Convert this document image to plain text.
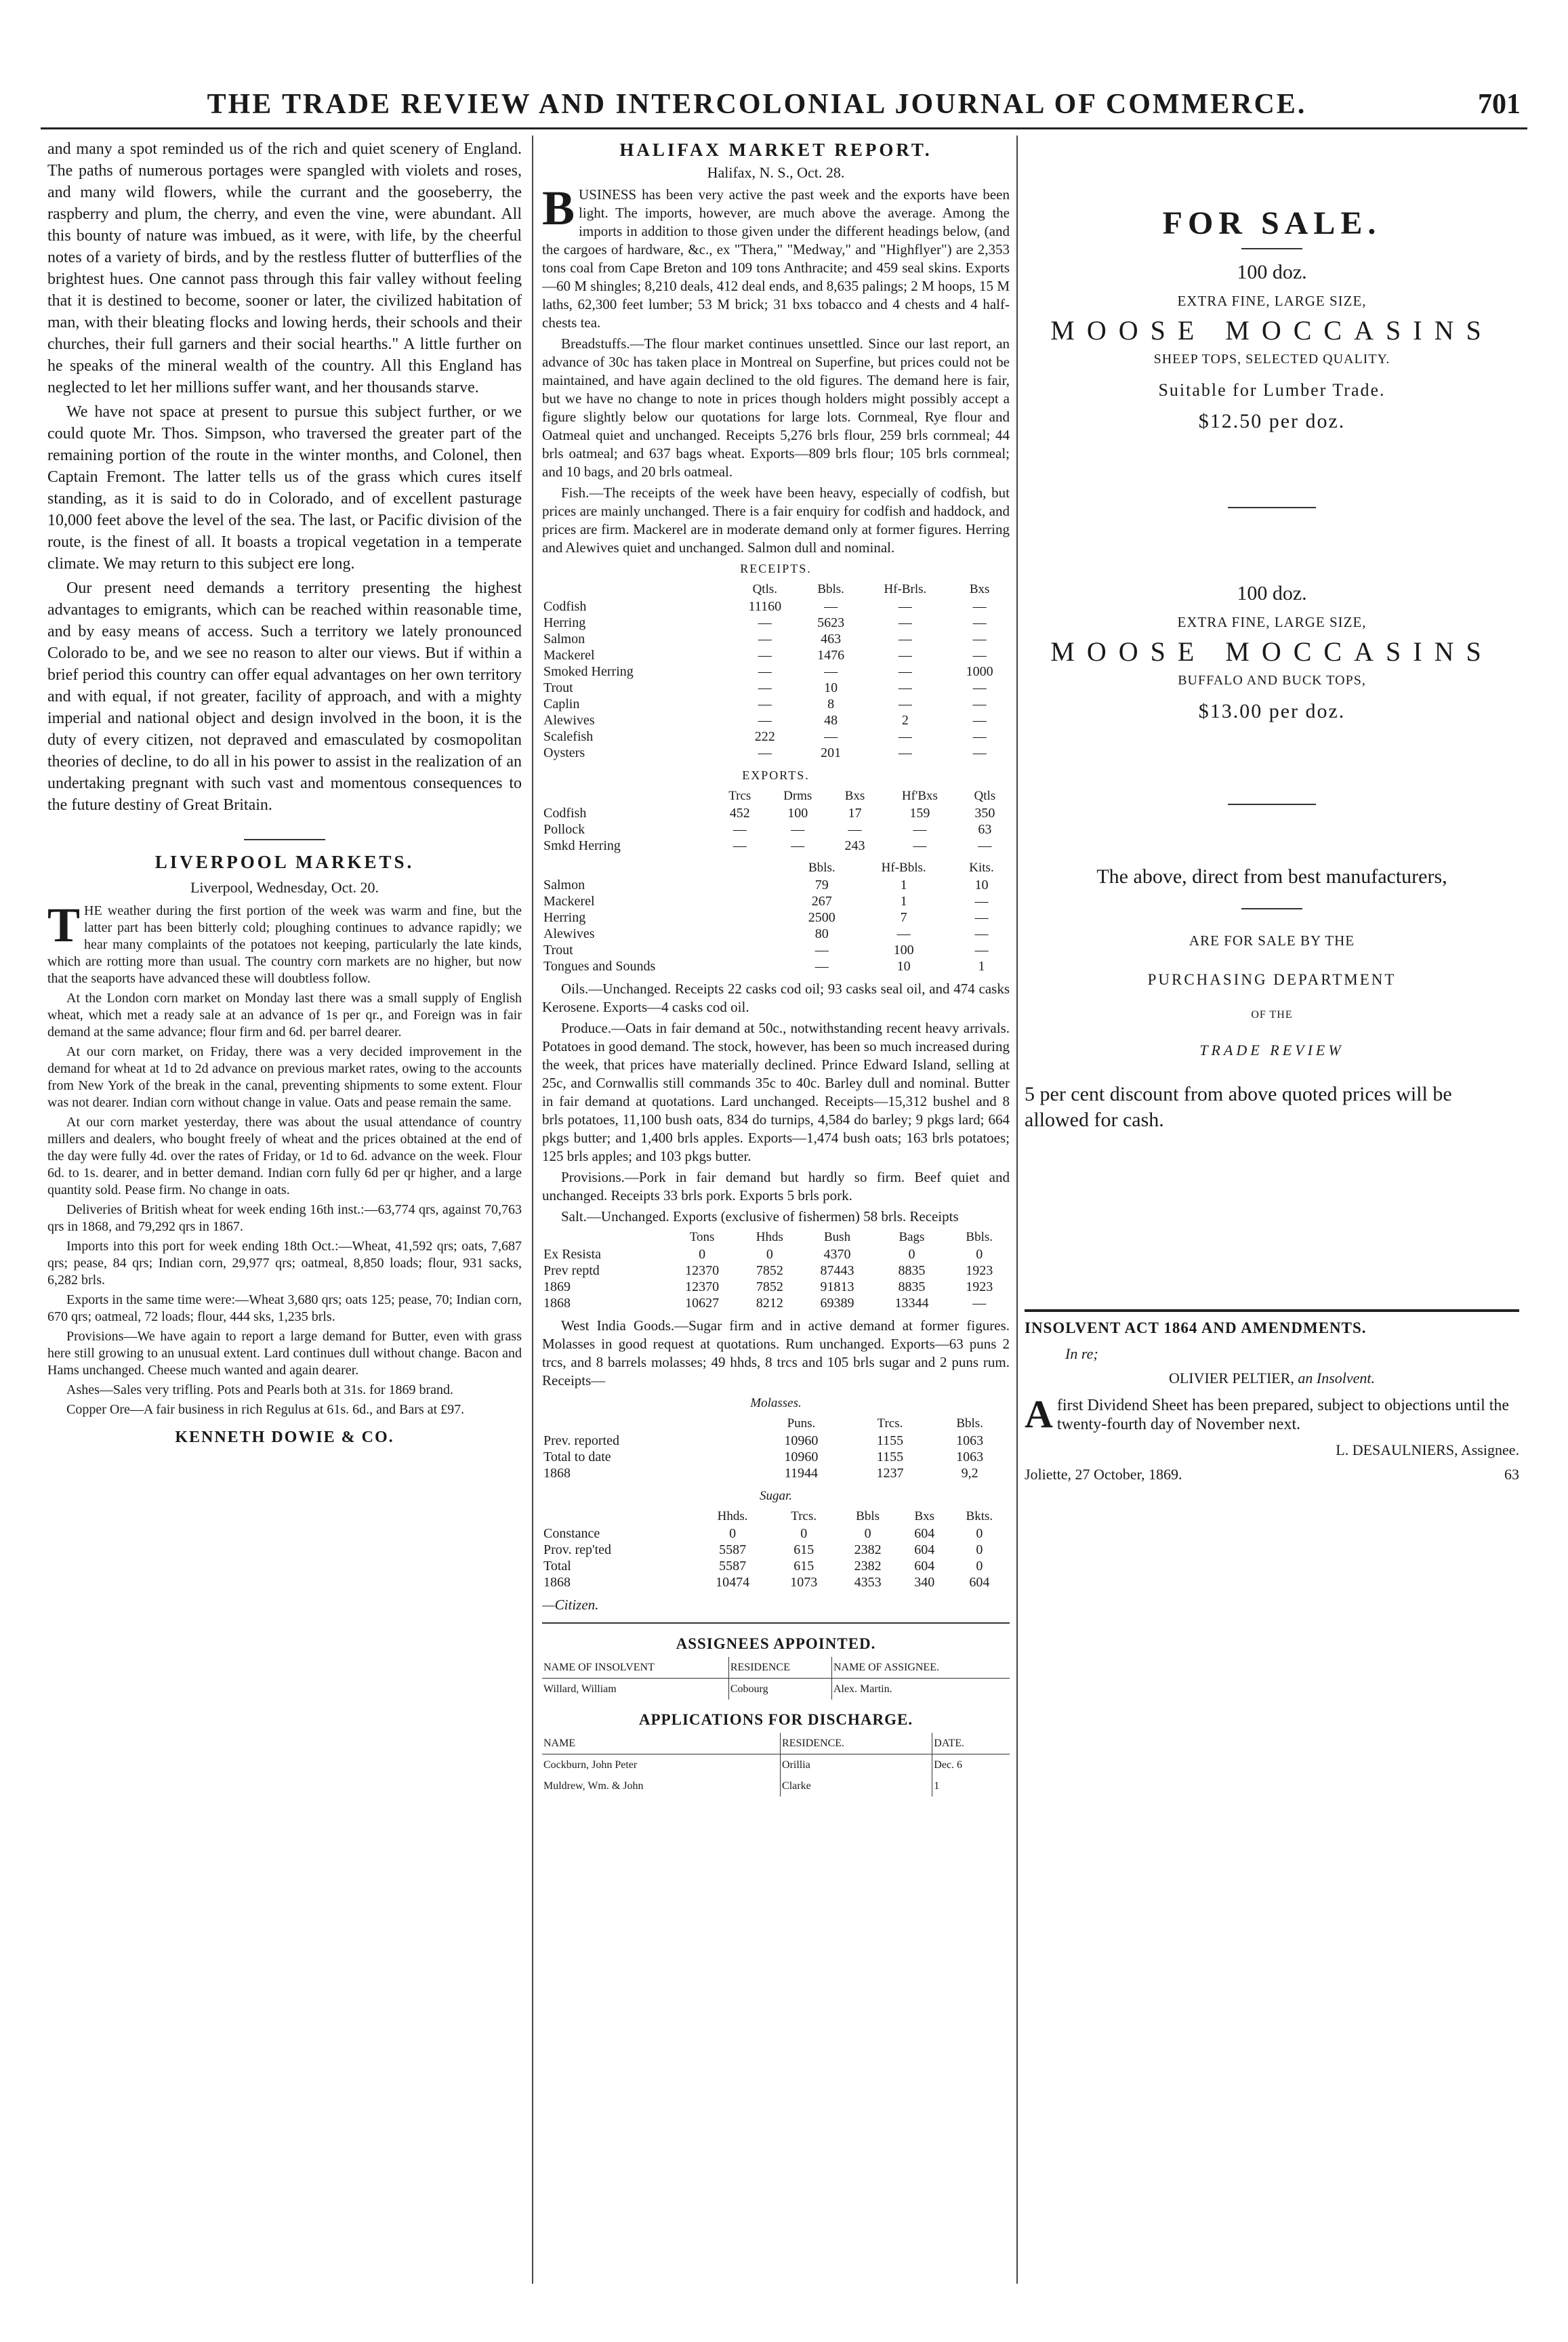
THE TRADE REVIEW AND INTERCOLONIAL JOURNAL OF COMMERCE.	701

and many a spot reminded us of the rich and quiet scenery of England. The paths of numerous portages were spangled with violets and roses, and many wild flowers, while the currant and the gooseberry, the raspberry and plum, the cherry, and even the vine, were abundant. All this bounty of nature was imbued, as it were, with life, by the cheerful notes of a variety of birds, and by the restless flutter of butterflies of the brightest hues. One cannot pass through this fair valley without feeling that it is destined to become, sooner or later, the civilized habitation of man, with their bleating flocks and lowing herds, their schools and their churches, their full garners and their social hearths." A little further on he speaks of the mineral wealth of the country. All this England has neglected to let her millions suffer want, and her thousands starve.

We have not space at present to pursue this subject further, or we could quote Mr. Thos. Simpson, who traversed the greater part of the remaining portion of the route in the winter months, and Colonel, then Captain Fremont. The latter tells us of the grass which cures itself standing, as it is said to do in Colorado, and of excellent pasturage 10,000 feet above the level of the sea. The last, or Pacific division of the route, is the finest of all. It boasts a tropical vegetation in a temperate climate. We may return to this subject ere long.

Our present need demands a territory presenting the highest advantages to emigrants, which can be reached within reasonable time, and by easy means of access. Such a territory we lately pronounced Colorado to be, and we see no reason to alter our views. But if within a brief period this country can offer equal advantages on her own territory and with equal, if not greater, facility of approach, and with a mighty imperial and national object and design involved in the boon, it is the duty of every citizen, not depraved and emasculated by cosmopolitan theories of decline, to do all in his power to assist in the realization of an undertaking pregnant with such vast and momentous consequences to the future destiny of Great Britain.

LIVERPOOL MARKETS.
Liverpool, Wednesday, Oct. 20.

THE weather during the first portion of the week was warm and fine, but the latter part has been bitterly cold; ploughing continues to advance rapidly; we hear many complaints of the potatoes not keeping, particularly the late kinds, which are rotting more than usual. The country corn markets are no higher, but now that the seaports have advanced these will doubtless follow.

At the London corn market on Monday last there was a small supply of English wheat, which met a ready sale at an advance of 1s per qr., and Foreign was in fair demand at the same advance; flour firm and 6d. per barrel dearer.

At our corn market, on Friday, there was a very decided improvement in the demand for wheat at 1d to 2d advance on previous market rates, owing to the accounts from New York of the break in the canal, preventing shipments to some extent. Flour was not dearer. Indian corn without change in value. Oats and pease remain the same.

At our corn market yesterday, there was about the usual attendance of country millers and dealers, who bought freely of wheat and the prices obtained at the end of the day were fully 4d. over the rates of Friday, or 1d to 6d. advance on the week. Flour 6d. to 1s. dearer, and in better demand. Indian corn fully 6d per qr higher, and a large quantity sold. Pease firm. No change in oats.

Deliveries of British wheat for week ending 16th inst.:—63,774 qrs, against 70,763 qrs in 1868, and 79,292 qrs in 1867.

Imports into this port for week ending 18th Oct.:—Wheat, 41,592 qrs; oats, 7,687 qrs; pease, 84 qrs; Indian corn, 29,977 qrs; oatmeal, 8,850 loads; flour, 931 sacks, 6,282 brls.

Exports in the same time were:—Wheat 3,680 qrs; oats 125; pease, 70; Indian corn, 670 qrs; oatmeal, 72 loads; flour, 444 sks, 1,235 brls.

Provisions—We have again to report a large demand for Butter, even with grass here still growing to an unusual extent. Lard continues dull without change. Bacon and Hams unchanged. Cheese much wanted and again dearer.

Ashes—Sales very trifling. Pots and Pearls both at 31s. for 1869 brand.

Copper Ore—A fair business in rich Regulus at 61s. 6d., and Bars at £97.

KENNETH DOWIE & CO.
HALIFAX MARKET REPORT.
Halifax, N. S., Oct. 28.

BUSINESS has been very active the past week and the exports have been light. The imports, however, are much above the average. Among the imports in addition to those given under the different headings below, (and the cargoes of hardware, &c., ex "Thera," "Medway," and "Highflyer") are 2,353 tons coal from Cape Breton and 109 tons Anthracite; and 459 seal skins. Exports—60 M shingles; 8,210 deals, 412 deal ends, and 8,635 palings; 2 M hoops, 15 M laths, 62,300 feet lumber; 53 M brick; 31 bxs tobacco and 4 chests and 4 half-chests tea.

Breadstuffs.—The flour market continues unsettled. Since our last report, an advance of 30c has taken place in Montreal on Superfine, but prices could not be maintained, and have again declined to the old figures. The demand here is fair, but we have no change to note in prices though holders might possibly accept a figure slightly below our quotations for large lots. Cornmeal, Rye flour and Oatmeal quiet and unchanged. Receipts 5,276 brls flour, 259 brls cornmeal; 44 brls oatmeal; and 637 bags wheat. Exports—809 brls flour; 105 brls cornmeal; and 10 bags, and 20 brls oatmeal.

Fish.—The receipts of the week have been heavy, especially of codfish, but prices are mainly unchanged. There is a fair enquiry for codfish and haddock, and prices are firm. Mackerel are in moderate demand only at former figures. Herring and Alewives quiet and unchanged. Salmon dull and nominal.

RECEIPTS.
	Qtls.	Bbls.	Hf-Brls.	Bxs
Codfish	11160	—	—	—
Herring	—	5623	—	—
Salmon	—	463	—	—
Mackerel	—	1476	—	—
Smoked Herring	—	—	—	1000
Trout	—	10	—	—
Caplin	—	8	—	—
Alewives	—	48	2	—
Scalefish	222	—	—	—
Oysters	—	201	—	—
EXPORTS.
	Trcs	Drms	Bxs	Hf'Bxs	Qtls
Codfish	452	100	17	159	350
Pollock	—	—	—	—	63
Smkd Herring	—	—	243	—	—
	Bbls.	Hf-Bbls.	Kits.
Salmon	79	1	10
Mackerel	267	1	—
Herring	2500	7	—
Alewives	80	—	—
Trout	—	100	—
Tongues and Sounds	—	10	1

Oils.—Unchanged. Receipts 22 casks cod oil; 93 casks seal oil, and 474 casks Kerosene. Exports—4 casks cod oil.

Produce.—Oats in fair demand at 50c., notwithstanding recent heavy arrivals. Potatoes in good demand. The stock, however, has been so much increased during the week, that prices have materially declined. Prince Edward Island, selling at 25c, and Cornwallis still commands 35c to 40c. Barley dull and nominal. Butter in fair demand at quotations. Lard unchanged. Receipts—15,312 bushel and 8 brls potatoes, 11,100 bush oats, 834 do turnips, 4,584 do barley; 9 pkgs lard; 664 pkgs butter; and 1,400 brls apples. Exports—1,474 bush oats; 163 brls potatoes; 125 brls apples; and 103 pkgs butter.

Provisions.—Pork in fair demand but hardly so firm. Beef quiet and unchanged. Receipts 33 brls pork. Exports 5 brls pork.

Salt.—Unchanged. Exports (exclusive of fishermen) 58 brls. Receipts

	Tons	Hhds	Bush	Bags	Bbls.
Ex Resista	0	0	4370	0	0
Prev reptd	12370	7852	87443	8835	1923
1869	12370	7852	91813	8835	1923
1868	10627	8212	69389	13344	—

West India Goods.—Sugar firm and in active demand at former figures. Molasses in good request at quotations. Rum unchanged. Exports—63 puns 2 trcs, and 8 barrels molasses; 49 hhds, 8 trcs and 105 brls sugar and 2 puns rum. Receipts—

Molasses.
	Puns.	Trcs.	Bbls.
Prev. reported	10960	1155	1063
Total to date	10960	1155	1063
1868	11944	1237	9,2
Sugar.
	Hhds.	Trcs.	Bbls	Bxs	Bkts.
Constance	0	0	0	604	0
Prov. rep'ted	5587	615	2382	604	0
Total	5587	615	2382	604	0
1868	10474	1073	4353	340	604

—Citizen.

ASSIGNEES APPOINTED.
NAME OF INSOLVENT	RESIDENCE	NAME OF ASSIGNEE.
Willard, William	Cobourg	Alex. Martin.
APPLICATIONS FOR DISCHARGE.
NAME	RESIDENCE.	DATE.
Cockburn, John Peter	Orillia	Dec. 6
Muldrew, Wm. & John	Clarke	1
FOR SALE.
100 doz.
EXTRA FINE, LARGE SIZE,
MOOSE MOCCASINS
SHEEP TOPS, SELECTED QUALITY.
Suitable for Lumber Trade.
$12.50 per doz.
100 doz.
EXTRA FINE, LARGE SIZE,
MOOSE MOCCASINS
BUFFALO AND BUCK TOPS,
$13.00 per doz.
The above, direct from best manufacturers,
ARE FOR SALE BY THE
PURCHASING DEPARTMENT
OF THE
TRADE REVIEW
5 per cent discount from above quoted prices will be allowed for cash.
INSOLVENT ACT 1864 AND AMENDMENTS.
In re;
OLIVIER PELTIER, an Insolvent.
Afirst Dividend Sheet has been prepared, subject to objections until the twenty-fourth day of November next.
L. DESAULNIERS, Assignee.
Joliette, 27 October, 1869.	63
